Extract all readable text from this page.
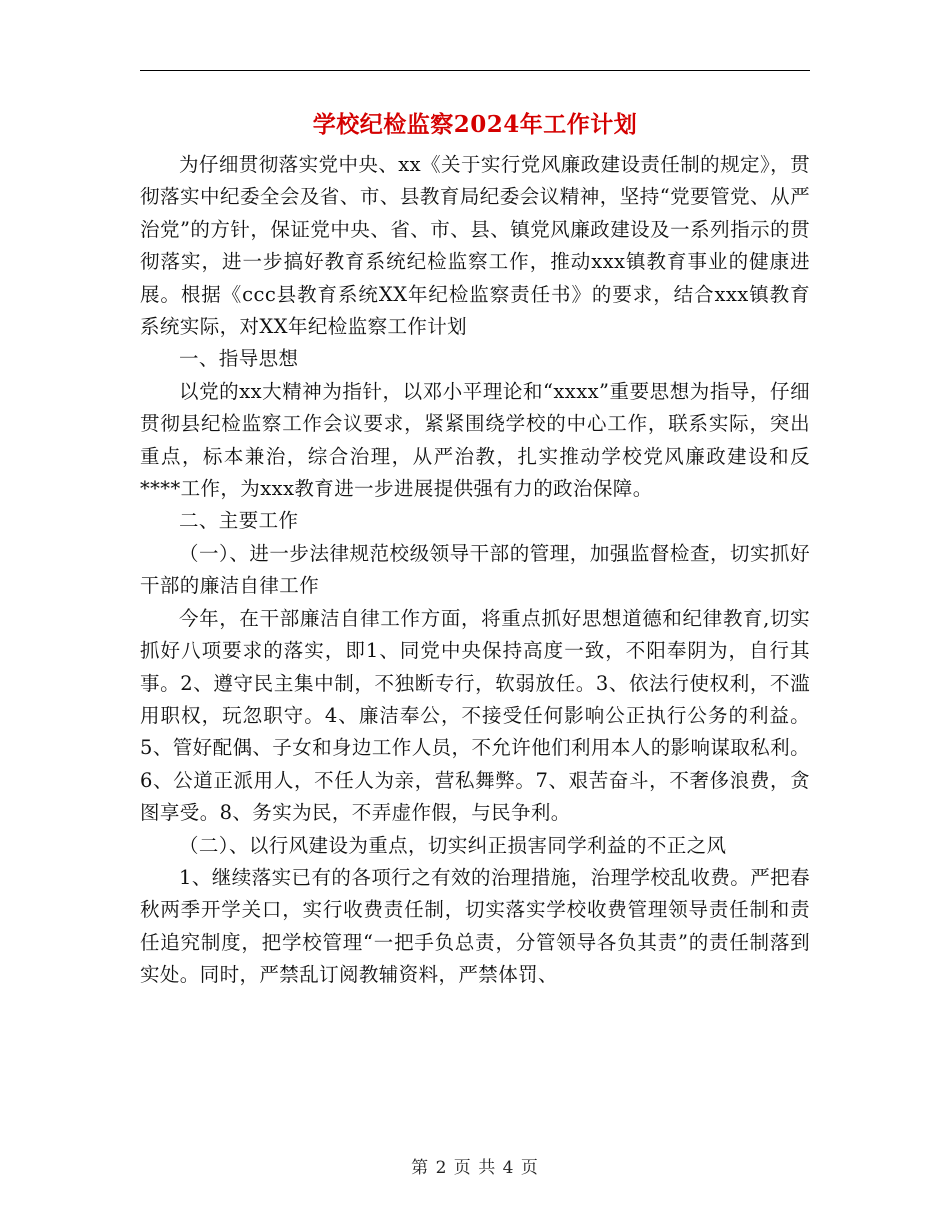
学校纪检监察2024年工作计划

为仔细贯彻落实党中央、xx《关于实行党风廉政建设责任制的规定》，贯彻落实中纪委全会及省、市、县教育局纪委会议精神，坚持“党要管党、从严治党”的方针，保证党中央、省、市、县、镇党风廉政建设及一系列指示的贯彻落实，进一步搞好教育系统纪检监察工作，推动xxx镇教育事业的健康进展。根据《ccc县教育系统XX年纪检监察责任书》的要求，结合xxx镇教育系统实际，对XX年纪检监察工作计划

一、指导思想

以党的xx大精神为指针，以邓小平理论和“xxxx”重要思想为指导，仔细贯彻县纪检监察工作会议要求，紧紧围绕学校的中心工作，联系实际，突出重点，标本兼治，综合治理，从严治教，扎实推动学校党风廉政建设和反****工作，为xxx教育进一步进展提供强有力的政治保障。

二、主要工作

（一）、进一步法律规范校级领导干部的管理，加强监督检查，切实抓好干部的廉洁自律工作

今年，在干部廉洁自律工作方面，将重点抓好思想道德和纪律教育,切实抓好八项要求的落实，即1、同党中央保持高度一致，不阳奉阴为，自行其事。2、遵守民主集中制，不独断专行，软弱放任。3、依法行使权利，不滥用职权，玩忽职守。4、廉洁奉公，不接受任何影响公正执行公务的利益。5、管好配偶、子女和身边工作人员，不允许他们利用本人的影响谋取私利。6、公道正派用人，不任人为亲，营私舞弊。7、艰苦奋斗，不奢侈浪费，贪图享受。8、务实为民，不弄虚作假，与民争利。

（二）、以行风建设为重点，切实纠正损害同学利益的不正之风

1、继续落实已有的各项行之有效的治理措施，治理学校乱收费。严把春秋两季开学关口，实行收费责任制，切实落实学校收费管理领导责任制和责任追究制度，把学校管理“一把手负总责，分管领导各负其责”的责任制落到实处。同时，严禁乱订阅教辅资料，严禁体罚、

第 2 页 共 4 页
